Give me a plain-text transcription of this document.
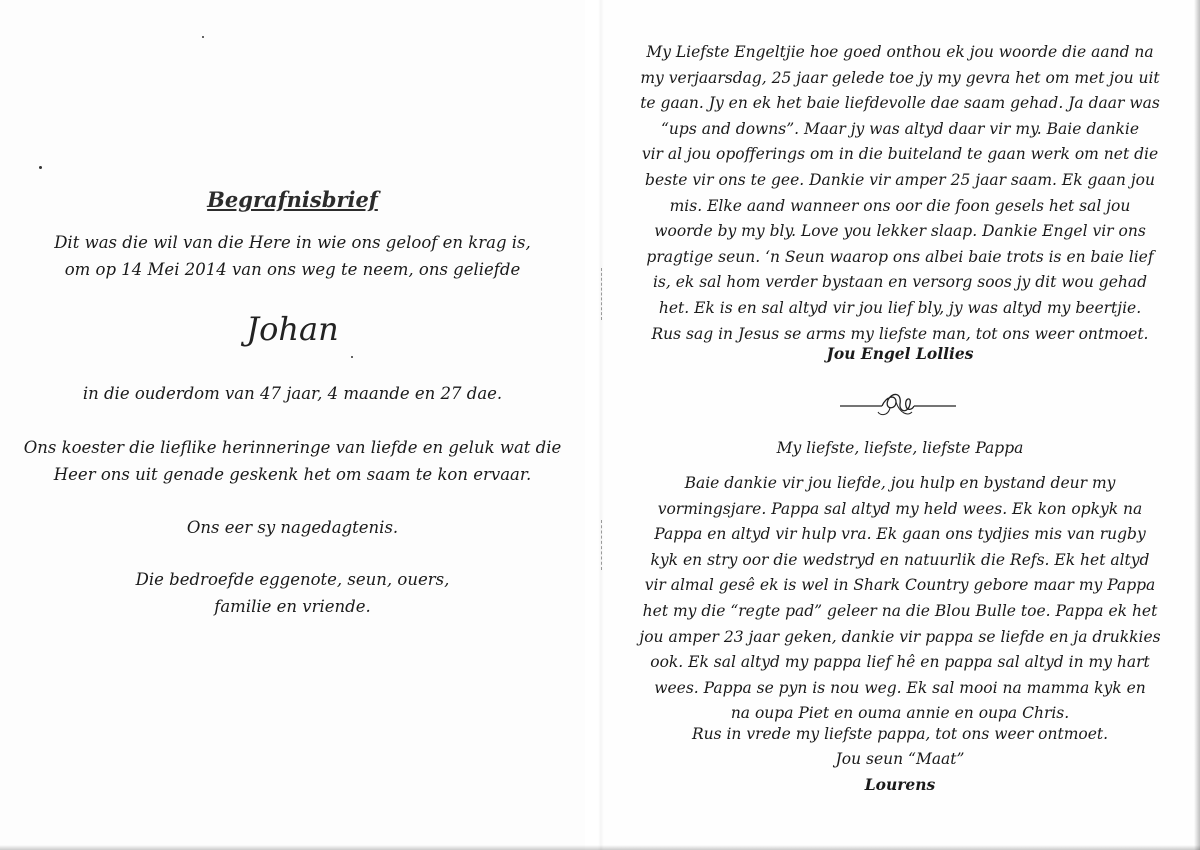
Begrafnisbrief
Dit was die wil van die Here in wie ons geloof en krag is,
om op 14 Mei 2014 van ons weg te neem, ons geliefde
Johan
in die ouderdom van 47 jaar, 4 maande en 27 dae.
Ons koester die lieflike herinneringe van liefde en geluk wat die
Heer ons uit genade geskenk het om saam te kon ervaar.
Ons eer sy nagedagtenis.
Die bedroefde eggenote, seun, ouers,
familie en vriende.
My Liefste Engeltjie hoe goed onthou ek jou woorde die aand na
my verjaarsdag, 25 jaar gelede toe jy my gevra het om met jou uit
te gaan. Jy en ek het baie liefdevolle dae saam gehad. Ja daar was
“ups and downs”. Maar jy was altyd daar vir my. Baie dankie
vir al jou opofferings om in die buiteland te gaan werk om net die
beste vir ons te gee. Dankie vir amper 25 jaar saam. Ek gaan jou
mis. Elke aand wanneer ons oor die foon gesels het sal jou
woorde by my bly. Love you lekker slaap. Dankie Engel vir ons
pragtige seun. ‘n Seun waarop ons albei baie trots is en baie lief
is, ek sal hom verder bystaan en versorg soos jy dit wou gehad
het. Ek is en sal altyd vir jou lief bly, jy was altyd my beertjie.
Rus sag in Jesus se arms my liefste man, tot ons weer ontmoet.
Jou Engel Lollies
My liefste, liefste, liefste Pappa
Baie dankie vir jou liefde, jou hulp en bystand deur my
vormingsjare. Pappa sal altyd my held wees. Ek kon opkyk na
Pappa en altyd vir hulp vra. Ek gaan ons tydjies mis van rugby
kyk en stry oor die wedstryd en natuurlik die Refs. Ek het altyd
vir almal gesê ek is wel in Shark Country gebore maar my Pappa
het my die “regte pad” geleer na die Blou Bulle toe. Pappa ek het
jou amper 23 jaar geken, dankie vir pappa se liefde en ja drukkies
ook. Ek sal altyd my pappa lief hê en pappa sal altyd in my hart
wees. Pappa se pyn is nou weg. Ek sal mooi na mamma kyk en
na oupa Piet en ouma annie en oupa Chris.
Rus in vrede my liefste pappa, tot ons weer ontmoet.
Jou seun “Maat”
Lourens
